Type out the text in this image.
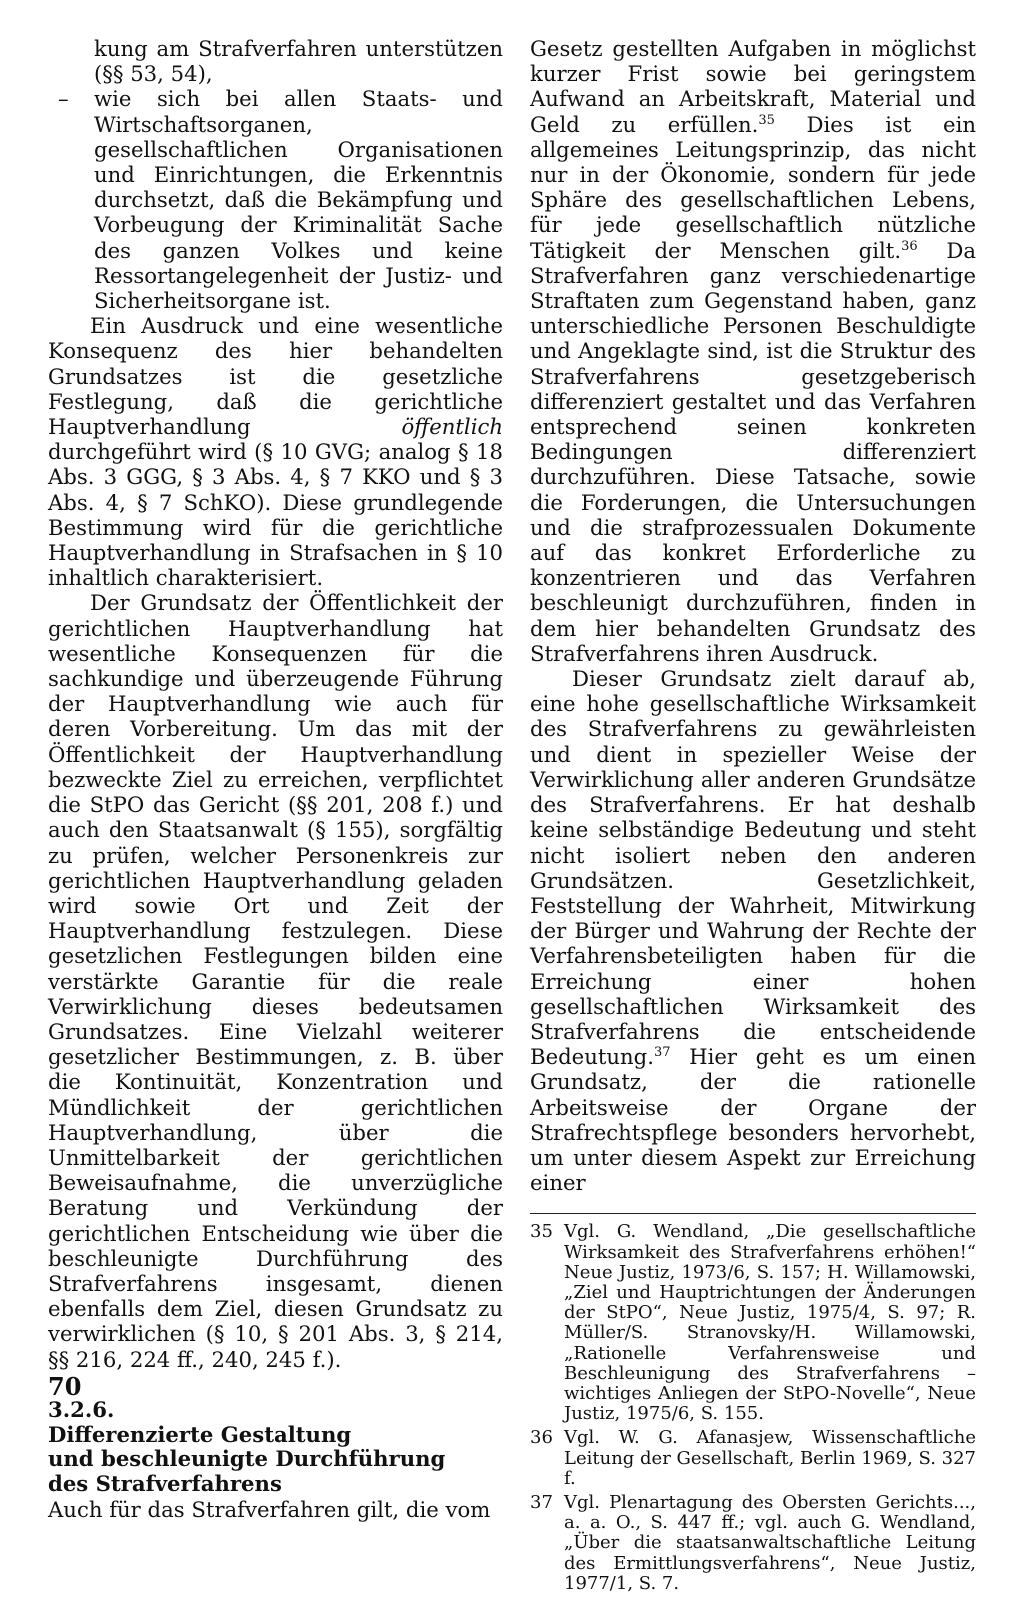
kung am Strafverfahren unterstützen (§§ 53, 54),

– wie sich bei allen Staats- und Wirtschaftsorganen, gesellschaftlichen Organisationen und Einrichtungen, die Erkenntnis durchsetzt, daß die Bekämpfung und Vorbeugung der Kriminalität Sache des ganzen Volkes und keine Ressortangelegenheit der Justiz- und Sicherheitsorgane ist.

Ein Ausdruck und eine wesentliche Konsequenz des hier behandelten Grundsatzes ist die gesetzliche Festlegung, daß die gerichtliche Hauptverhandlung öffentlich durchgeführt wird (§ 10 GVG; analog § 18 Abs. 3 GGG, § 3 Abs. 4, § 7 KKO und § 3 Abs. 4, § 7 SchKO). Diese grundlegende Bestimmung wird für die gerichtliche Hauptverhandlung in Strafsachen in § 10 inhaltlich charakterisiert.

Der Grundsatz der Öffentlichkeit der gerichtlichen Hauptverhandlung hat wesentliche Konsequenzen für die sachkundige und überzeugende Führung der Hauptverhandlung wie auch für deren Vorbereitung. Um das mit der Öffentlichkeit der Hauptverhandlung bezweckte Ziel zu erreichen, verpflichtet die StPO das Gericht (§§ 201, 208 f.) und auch den Staatsanwalt (§ 155), sorgfältig zu prüfen, welcher Personenkreis zur gerichtlichen Hauptverhandlung geladen wird sowie Ort und Zeit der Hauptverhandlung festzulegen. Diese gesetzlichen Festlegungen bilden eine verstärkte Garantie für die reale Verwirklichung dieses bedeutsamen Grundsatzes. Eine Vielzahl weiterer gesetzlicher Bestimmungen, z. B. über die Kontinuität, Konzentration und Mündlichkeit der gerichtlichen Hauptverhandlung, über die Unmittelbarkeit der gerichtlichen Beweisaufnahme, die unverzügliche Beratung und Verkündung der gerichtlichen Entscheidung wie über die beschleunigte Durchführung des Strafverfahrens insgesamt, dienen ebenfalls dem Ziel, diesen Grundsatz zu verwirklichen (§ 10, § 201 Abs. 3, § 214, §§ 216, 224 ff., 240, 245 f.).

3.2.6.
Differenzierte Gestaltung
und beschleunigte Durchführung
des Strafverfahrens

Auch für das Strafverfahren gilt, die vom

Gesetz gestellten Aufgaben in möglichst kurzer Frist sowie bei geringstem Aufwand an Arbeitskraft, Material und Geld zu erfüllen.$^{35}$ Dies ist ein allgemeines Leitungsprinzip, das nicht nur in der Ökonomie, sondern für jede Sphäre des gesellschaftlichen Lebens, für jede gesellschaftlich nützliche Tätigkeit der Menschen gilt.$^{36}$ Da Strafverfahren ganz verschiedenartige Straftaten zum Gegenstand haben, ganz unterschiedliche Personen Beschuldigte und Angeklagte sind, ist die Struktur des Strafverfahrens gesetzgeberisch differenziert gestaltet und das Verfahren entsprechend seinen konkreten Bedingungen differenziert durchzuführen. Diese Tatsache, sowie die Forderungen, die Untersuchungen und die strafprozessualen Dokumente auf das konkret Erforderliche zu konzentrieren und das Verfahren beschleunigt durchzuführen, finden in dem hier behandelten Grundsatz des Strafverfahrens ihren Ausdruck.

Dieser Grundsatz zielt darauf ab, eine hohe gesellschaftliche Wirksamkeit des Strafverfahrens zu gewährleisten und dient in spezieller Weise der Verwirklichung aller anderen Grundsätze des Strafverfahrens. Er hat deshalb keine selbständige Bedeutung und steht nicht isoliert neben den anderen Grundsätzen. Gesetzlichkeit, Feststellung der Wahrheit, Mitwirkung der Bürger und Wahrung der Rechte der Verfahrensbeteiligten haben für die Erreichung einer hohen gesellschaftlichen Wirksamkeit des Strafverfahrens die entscheidende Bedeutung.$^{37}$ Hier geht es um einen Grundsatz, der die rationelle Arbeitsweise der Organe der Strafrechtspflege besonders hervorhebt, um unter diesem Aspekt zur Erreichung einer

35 Vgl. G. Wendland, „Die gesellschaftliche Wirksamkeit des Strafverfahrens erhöhen!“ Neue Justiz, 1973/6, S. 157; H. Willamowski, „Ziel und Hauptrichtungen der Änderungen der StPO“, Neue Justiz, 1975/4, S. 97; R. Müller/S. Stranovsky/H. Willamowski, „Rationelle Verfahrensweise und Beschleunigung des Strafverfahrens – wichtiges Anliegen der StPO-Novelle“, Neue Justiz, 1975/6, S. 155.
36 Vgl. W. G. Afanasjew, Wissenschaftliche Leitung der Gesellschaft, Berlin 1969, S. 327 f.
37 Vgl. Plenartagung des Obersten Gerichts..., a. a. O., S. 447 ff.; vgl. auch G. Wendland, „Über die staatsanwaltschaftliche Leitung des Ermittlungsverfahrens“, Neue Justiz, 1977/1, S. 7.
70
